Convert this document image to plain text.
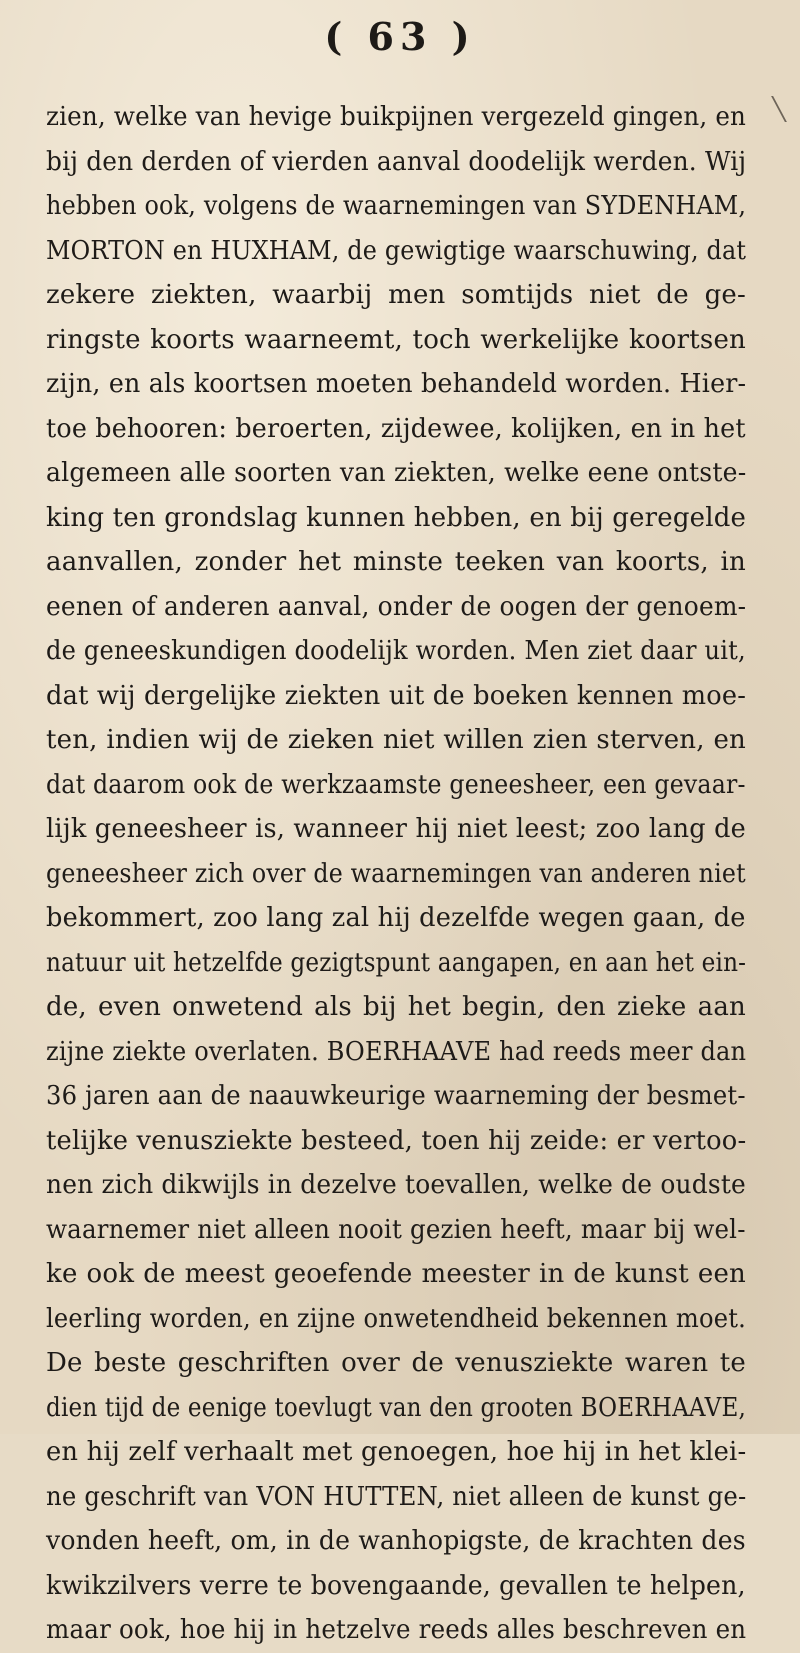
( 63 )
zien, welke van hevige buikpijnen vergezeld gingen, en
bij den derden of vierden aanval doodelijk werden. Wij
hebben ook, volgens de waarnemingen van SYDENHAM,
MORTON en HUXHAM, de gewigtige waarschuwing, dat
zekere ziekten, waarbij men somtijds niet de ge-
ringste koorts waarneemt, toch werkelijke koortsen
zijn, en als koortsen moeten behandeld worden. Hier-
toe behooren: beroerten, zijdewee, kolijken, en in het
algemeen alle soorten van ziekten, welke eene ontste-
king ten grondslag kunnen hebben, en bij geregelde
aanvallen, zonder het minste teeken van koorts, in
eenen of anderen aanval, onder de oogen der genoem-
de geneeskundigen doodelijk worden. Men ziet daar uit,
dat wij dergelijke ziekten uit de boeken kennen moe-
ten, indien wij de zieken niet willen zien sterven, en
dat daarom ook de werkzaamste geneesheer, een gevaar-
lijk geneesheer is, wanneer hij niet leest; zoo lang de
geneesheer zich over de waarnemingen van anderen niet
bekommert, zoo lang zal hij dezelfde wegen gaan, de
natuur uit hetzelfde gezigtspunt aangapen, en aan het ein-
de, even onwetend als bij het begin, den zieke aan
zijne ziekte overlaten. BOERHAAVE had reeds meer dan
36 jaren aan de naauwkeurige waarneming der besmet-
telijke venusziekte besteed, toen hij zeide: er vertoo-
nen zich dikwijls in dezelve toevallen, welke de oudste
waarnemer niet alleen nooit gezien heeft, maar bij wel-
ke ook de meest geoefende meester in de kunst een
leerling worden, en zijne onwetendheid bekennen moet.
De beste geschriften over de venusziekte waren te
dien tijd de eenige toevlugt van den grooten BOERHAAVE,
en hij zelf verhaalt met genoegen, hoe hij in het klei-
ne geschrift van VON HUTTEN, niet alleen de kunst ge-
vonden heeft, om, in de wanhopigste, de krachten des
kwikzilvers verre te bovengaande, gevallen te helpen,
maar ook, hoe hij in hetzelve reeds alles beschreven en
